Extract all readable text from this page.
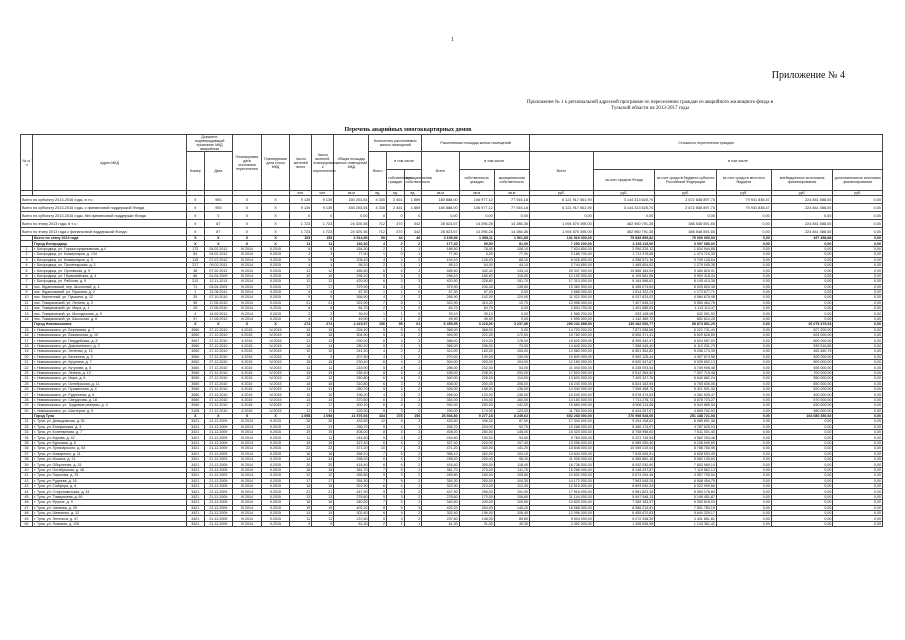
1
Приложение № 4
Приложение № 1 к региональной адресной программе по переселению граждан из аварийного жилищного фонда в Тульской области на 2013-2017 годы
Перечень аварийных многоквартирных домов
№ п/п	Адрес МКД	Документ, подтверждающий признание МКД аварийным		Планируемая дата окончания переселения	Планируемая дата сноса МКД	Число жителей всего	Число жителей, планируемых к переселению	Общая площадь жилых помещений МКД	Количество расселяемых жилых помещений			Расселяемая площадь жилых помещений			Стоимость переселения граждан					
		Номер	Дата						Всего	в том числе		Всего	в том числе		Всего	в том числе				
										собственность граждан	муниципальная собственность		собственность граждан	муниципальная собственность		за счет средств Фонда	за счет средств бюджета субъекта Российской Федерации	за счет средств местного бюджета	внебюджетных источников финансирования	дополнительные источники финансирования
						чел.	чел.	кв.м	ед.	ед.	ед.	кв.м	кв.м	кв.м	руб.	руб.	руб.	руб.	руб.	руб.
Всего по субъекту 2013-2016 годы, в т.ч.:		X	993	X	X	9 139	9 139	150 203,54	4 330	2 461	1 869	180 888,00	106 977,12	77 916,18	6 121 917 561,90	3 144 313 625,70	2 672 838 897,75	79 931 838,47	224 841 088,00	0,00
Всего по субъекту 2013-2016 годы, с финансовой поддержкой Фонда		X	993	X	X	9 139	9 139	150 203,54	4 330	2 461	1 869	180 888,00	106 977,12	77 916,18	6 121 917 561,90	3 144 313 625,70	2 672 838 897,75	79 931 838,47	224 841 088,00	0,00
Всего по субъекту 2013-2016 годы, без финансовой поддержки Фонда		X	0	X	X	0	0	0,00	0	0	0	0,00	0,00	0,00	0,00	0,00	0,00	0,00	0,00	0,00
Всего по этапу 2013 года, в т.ч.:		X	87	X	X	1 723	1 723	24 320,36	712	370	342	28 523,57	14 296,28	14 286,36	1 094 570 395,00	482 960 791,35	386 548 591,65	0,00	224 841 088,00	0,00
Всего по этапу 2013 года с финансовой поддержкой Фонда		X	87	X	X	1 723	1 723	24 320,36	712	370	342	28 523,57	14 296,28	14 286,36	1 094 570 395,00	482 960 791,35	386 548 591,65	0,00	224 841 088,00	0,00
	Всего по этапу 2013 года	X	X	X	X	153	153	2 514,90	90	44	46	3 159,96	1 598,11	1 561,85	131 919 300,00	75 839 859,82	75 000 000,00	0,00	497 458,88	0,00
	Город Богородицк	X	X	X	X	11	11	152,30	4	2	2	177,40	95,50	81,90	7 250 200,00	4 153 115,00	3 097 085,00	0,00	0,00	0,00
1	г. Богородицк, ул. Горькоторфяновская, д.4	172	04.02.2012	IV.2014	II.2015	6	6	154,30	2	1	1	186,50	78,40	108,10	7 624 800,00	2 050 225,12	1 634 944,88	0,00	0,00	0,00
2	г. Богородицк, ул. Коммунаров, д. 134	54	04.02.2012	IV.2014	II.2015	3	3	77,90	1	0	1	77,90	0,00	77,90	3 186 700,00	1 711 975,65	1 474 724,35	0,00	0,00	0,00
3	г. Богородицк, ул. Коммунаров, д. 5	115	07.07.2012	IV.2014	II.2015	5	5	205,10	4	2	2	194,10	126,00	68,10	8 026 800,00	4 286 671,36	3 740 128,64	0,00	0,00	0,00
4	г. Богородицк, ул. Пролетарская, д. 3	217	09.02.2011	IV.2014	II.2015	4	4	98,10	2	1	1	98,10	54,00	44,10	2 744 850,00	1 465 804,62	1 279 045,38	0,00	0,00	0,00
5	г. Богородицк, ул. Орловская, д. 9	48	07.02.2012	IV.2014	II.2015	12	12	485,50	8	5	3	485,50	342,40	143,10	20 347 000,00	10 866 184,09	9 480 815,91	0,00	0,00	0,00
6	г. Богородицк, ул. Первомайская, д. 4	86	01.04.2009	IV.2014	II.2015	10	10	296,10	5	3	2	296,10	180,60	115,50	12 192 900,00	6 199 581,56	5 993 318,44	0,00	0,00	0,00
7	г. Богородицк, ул. Рабочая, д. 9	212	12.11.2013	IV.2014	II.2015	12	12	420,50	6	3	3	420,50	228,80	191,70	17 310 000,00	9 164 586,62	8 145 413,38	0,00	0,00	0,00
8	пос. Жданковский, пер. Школьный, д. 4	71	03.04.2009	IV.2014	II.2015	17	17	379,90	6	4	2	379,90	240,40	139,50	15 380 900,00	8 455 074,64	6 925 825,36	0,00	0,00	0,00
9	пос. Жданковский, ул. Пушкина, д. 2	1	21.06.2011	IV.2014	II.2015	4	4	67,30	1	1	0	67,30	67,30	0,00	2 688 000,00	1 514 322,29	1 173 677,71	0,00	0,00	0,00
10	пос. Кирпичный, ул. Пушкина, д. 12	35	07.10.2010	IV.2014	II.2015	9	9	266,90	4	2	2	266,90	142,00	124,90	11 022 300,00	6 037 624,02	4 984 675,98	0,00	0,00	0,00
11	пос. Товарковский, ул. Ленина, д. 3	96	17.05.2010	IV.2014	II.2015	21	21	322,90	7	6	1	322,90	310,20	12,70	12 958 000,00	7 407 535,24	5 550 464,76	0,00	0,00	0,00
12	пос. Товарковский, ул. Мира, д. 1	26	17.05.2010	IV.2014	II.2015	6	6	64,70	2	2	0	64,70	64,70	0,00	2 604 700,00	1 491 586,53	1 113 113,47	0,00	0,00	0,00
13	пос. Товарковский, ул. Молодежная, д. 9	4	14.03.2012	IV.2014	II.2015	2	2	39,10	1	1	0	39,10	39,10	0,00	1 565 200,00	933 108,08	632 091,92	0,00	0,00	0,00
14	пос. Товарковский, ул. Школьная, д. 6	97	17.05.2010	IV.2014	II.2015	4	4	49,90	1	1	0	49,90	49,90	0,00	1 995 000,00	1 142 389,72	852 610,28	0,00	0,00	0,00
	Город Новомосковск	X	X	X	X	274	274	4 415,97	156	95	61	6 455,95	3 218,06	3 237,89	258 232 898,00	139 282 526,77	98 874 891,29	0,00	20 075 479,94	0,00
15	г. Новомосковск, ул. Березовая, д. 7	3060	27.12.2010	II.2015	IV.2015	15	15	294,10	5	5	0	368,00	368,00	0,00	14 720 000,00	7 871 058,56	6 221 741,44	0,00	627 200,00	0,00
16	г. Новомосковск, ул. Вокзальная, д. 10	3060	27.12.2010	II.2015	IV.2015	18	18	304,90	5	3	2	394,00	222,00	172,00	15 760 000,00	8 506 371,41	6 629 628,59	0,00	624 000,00	0,00
17	г. Новомосковск, ул. Гвардейская, д. 8	3057	27.12.2010	II.2015	IV.2015	12	12	290,20	6	3	3	388,00	210,00	178,00	15 520 000,00	8 395 442,97	6 524 557,03	0,00	600 000,00	0,00
18	г. Новомосковск, ул. Дзержинского, д. 3	3060	27.12.2010	II.2015	IV.2015	14	14	280,10	5	4	1	366,00	296,00	70,00	14 640 000,00	7 988 449,40	6 112 031,75	0,00	539 518,85	0,00
19	г. Новомосковск, ул. Зеленая, д. 13	3060	27.12.2010	II.2015	IV.2015	10	10	241,20	4	2	2	314,00	160,00	154,00	12 560 000,00	6 851 364,82	5 256 174,39	0,00	452 460,79	0,00
20	г. Новомосковск, ул. Калинина, д. 3	3060	27.12.2010	II.2015	IV.2015	9	9	207,50	4	2	2	270,00	140,00	130,00	10 800 000,00	5 902 125,44	4 497 874,56	0,00	400 000,00	0,00
21	г. Новомосковск, ул. Кукунина, д. 7	3062	27.12.2010	II.2015	IV.2015	15	15	230,40	6	4	2	304,00	200,00	104,00	12 160 000,00	6 620 347,87	5 039 652,13	0,00	500 000,00	0,00
22	г. Новомосковск, ул. Кутузова, д. 5	3060	27.12.2010	II.2015	IV.2015	11	11	218,90	5	4	1	286,00	232,00	54,00	11 440 000,00	6 235 093,54	4 749 906,46	0,00	455 000,00	0,00
23	г. Новомосковск, ул. Ленина, д. 13	3060	27.12.2010	II.2015	IV.2015	19	19	335,40	8	4	4	438,00	238,00	200,00	17 520 000,00	9 512 284,52	7 307 715,48	0,00	700 000,00	0,00
24	г. Новомосковск, ул. Мира, д. 6	3059	27.12.2010	II.2015	IV.2015	12	12	260,80	6	4	2	340,00	226,00	114,00	13 600 000,00	7 409 337,76	5 640 662,24	0,00	550 000,00	0,00
25	г. Новомосковск, ул. Октябрьская, д. 11	3060	27.12.2010	II.2015	IV.2015	16	16	310,80	6	3	3	406,00	200,00	206,00	16 240 000,00	8 824 163,94	6 765 836,06	0,00	650 000,00	0,00
26	г. Новомосковск, ул. Пушкинская, д. 4	3060	27.12.2010	II.2015	IV.2015	13	13	250,70	5	3	2	326,00	188,00	138,00	13 040 000,00	7 098 498,70	5 421 501,30	0,00	520 000,00	0,00
27	г. Новомосковск, ул. Рудничная, д. 6	3060	27.12.2010	II.2015	IV.2015	10	10	196,20	4	2	2	256,00	120,00	136,00	10 240 000,00	5 578 474,53	4 261 525,47	0,00	400 000,00	0,00
28	г. Новомосковск, ул. Свердлова, д. 18	3060	27.12.2010	II.2015	IV.2015	14	14	270,60	6	3	3	354,00	194,00	160,00	14 160 000,00	7 711 276,73	5 878 723,27	0,00	570 000,00	0,00
29	г. Новомосковск, ул. Трудовые резервы, д. 4	3060	27.12.2010	II.2015	IV.2015	17	17	300,10	6	4	2	392,00	250,00	142,00	15 680 000,00	8 506 114,06	6 543 885,94	0,00	630 000,00	0,00
30	г. Новомосковск, ул. Шахтеров, д. 5	3106	27.12.2010	II.2015	IV.2015	11	11	225,30	5	3	2	294,00	174,00	120,00	11 760 000,00	6 404 207,07	4 895 792,93	0,00	460 000,00	0,00
	Город Тула	X	X	X	X	1 098	1 098	21 576,94	434	278	156	26 536,80	9 277,18	8 249,62	692 268 000,00	276 998 928,00	251 188 721,08	0,00	164 080 350,92	0,00
31	г. Тула, ул. Демидовская, д. 51	3421	21.12.2009	IV.2014	II.2015	26	26	433,50	12	9	3	433,50	346,00	87,50	17 340 000,00	9 254 108,62	8 085 891,38	0,00	0,00	0,00
32	г. Тула, ул. Епифанская, д. 3	3421	21.12.2009	IV.2014	II.2015	13	13	256,70	5	4	1	256,70	204,00	52,70	10 268 000,00	5 480 174,97	4 787 825,03	0,00	0,00	0,00
33	г. Тула, ул. Колетвинова, д. 7	3421	21.12.2009	IV.2014	II.2015	19	19	408,00	8	5	3	408,00	260,00	148,00	16 320 000,00	8 708 998,60	7 611 001,40	0,00	0,00	0,00
34	г. Тула, ул. Кирова, д. 42	3421	21.12.2009	IV.2014	II.2015	11	11	244,60	5	3	2	244,60	150,00	94,60	9 784 000,00	5 221 745,54	4 562 254,46	0,00	0,00	0,00
35	г. Тула, ул. Курковая, д. 6	3421	21.12.2009	IV.2014	II.2015	15	15	327,40	6	4	2	327,40	220,00	107,40	13 096 000,00	6 989 050,40	6 106 949,60	0,00	0,00	0,00
36	г. Тула, ул. Луначарского, д. 54	3421	21.12.2009	IV.2014	II.2015	22	22	471,20	10	7	3	471,20	330,00	141,20	18 848 000,00	10 059 219,04	8 788 780,96	0,00	0,00	0,00
37	г. Тула, ул. Макаренко, д. 11	3421	21.12.2009	IV.2014	II.2015	16	16	366,10	7	5	2	366,10	262,00	104,10	14 644 000,00	7 815 406,51	6 828 593,49	0,00	0,00	0,00
38	г. Тула, ул. Мосина, д. 21	3421	21.12.2009	IV.2014	II.2015	14	14	298,20	6	4	2	298,20	200,00	98,20	11 928 000,00	6 365 860,16	5 562 139,84	0,00	0,00	0,00
39	г. Тула, ул. Оборонная, д. 15	3421	21.12.2009	IV.2014	II.2015	20	20	418,40	8	6	2	418,40	300,00	118,40	16 736 000,00	8 932 030,90	7 803 969,10	0,00	0,00	0,00
40	г. Тула, ул. Октябрьская, д. 48	3421	21.12.2009	IV.2014	II.2015	18	18	381,70	7	5	2	381,70	270,00	111,70	15 268 000,00	8 148 437,87	7 119 562,13	0,00	0,00	0,00
41	г. Тула, ул. Пирогова, д. 25	3421	21.12.2009	IV.2014	II.2015	12	12	265,80	5	3	2	265,80	160,00	105,80	10 632 000,00	5 674 294,46	4 957 705,54	0,00	0,00	0,00
42	г. Тула, ул. Руднева, д. 16	3421	21.12.2009	IV.2014	II.2015	17	17	354,30	7	5	2	354,30	250,00	104,30	14 172 000,00	7 563 545,25	6 608 454,75	0,00	0,00	0,00
43	г. Тула, ул. Сойфера, д. 8	3421	21.12.2009	IV.2014	II.2015	15	15	322,90	6	4	2	322,90	210,00	112,90	12 916 000,00	6 893 090,34	6 022 909,66	0,00	0,00	0,00
44	г. Тула, ул. Староникитская, д. 34	3421	21.12.2009	IV.2014	II.2015	21	21	447,90	9	6	3	447,90	296,00	151,90	17 916 000,00	9 561 823,16	8 354 176,84	0,00	0,00	0,00
45	г. Тула, ул. Тимирязева, д. 60	3421	21.12.2009	IV.2014	II.2015	13	13	278,60	5	3	2	278,60	170,00	108,60	11 144 000,00	5 947 548,13	5 196 451,87	0,00	0,00	0,00
46	г. Тула, ул. Фрунзе, д. 9	3421	21.12.2009	IV.2014	II.2015	16	16	340,50	7	5	2	340,50	240,00	100,50	13 620 000,00	7 269 183,97	6 350 816,03	0,00	0,00	0,00
47	г. Тула, ул. Чапаева, д. 39	3421	21.12.2009	IV.2014	II.2015	19	19	402,20	8	5	3	402,20	254,00	148,20	16 088 000,00	8 586 219,81	7 501 780,19	0,00	0,00	0,00
48	г. Тула, ул. Шевченко, д. 12	3421	21.12.2009	IV.2014	II.2015	14	14	302,40	6	4	2	302,40	196,00	106,40	12 096 000,00	6 455 670,83	5 640 329,17	0,00	0,00	0,00
49	г. Тула, ул. Энгельса, д. 47	3421	21.12.2009	IV.2014	II.2015	11	11	237,60	5	3	2	237,60	148,00	89,60	9 504 000,00	5 072 338,39	4 431 661,61	0,00	0,00	0,00
50	г. Тула, ул. Ложевая, д. 126	3421	21.12.2009	IV.2014	II.2015	5	5	61,30	2	1	1	61,30	31,00	30,30	2 452 000,00	1 308 638,59	1 143 361,41	0,00	0,00	0,00
